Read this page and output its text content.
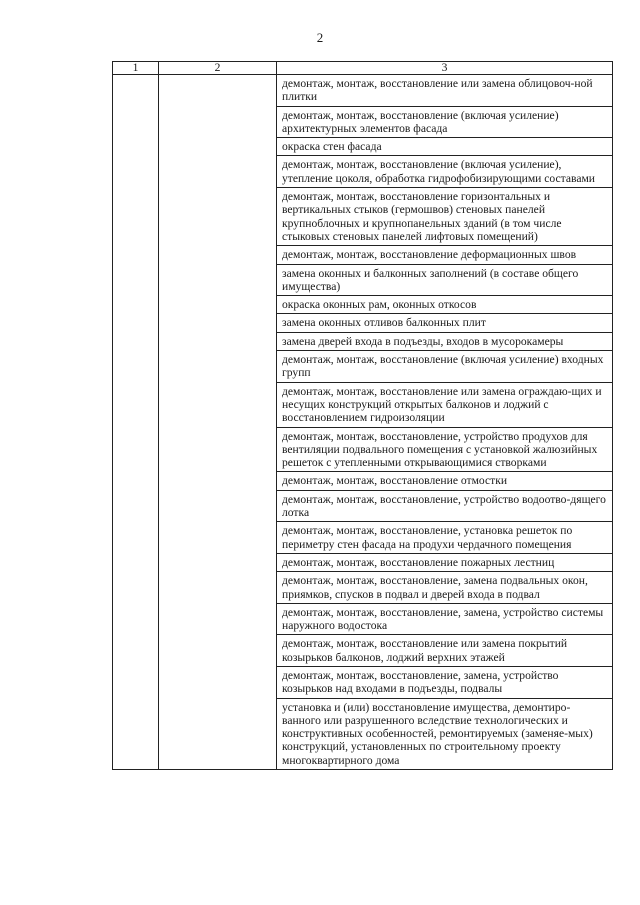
2
1	2	3
		демонтаж, монтаж, восстановление или замена облицовоч-ной плитки
		демонтаж, монтаж, восстановление (включая усиление) архитектурных элементов фасада
		окраска стен фасада
		демонтаж, монтаж, восстановление (включая усиление), утепление цоколя, обработка гидрофобизирующими составами
		демонтаж, монтаж, восстановление горизонтальных и вертикальных стыков (гермошвов) стеновых панелей крупноблочных и крупнопанельных зданий (в том числе стыковых стеновых панелей лифтовых помещений)
		демонтаж, монтаж, восстановление деформационных швов
		замена оконных и балконных заполнений (в составе общего имущества)
		окраска оконных рам, оконных откосов
		замена оконных отливов балконных плит
		замена дверей входа в подъезды, входов в мусорокамеры
		демонтаж, монтаж, восстановление (включая усиление) входных групп
		демонтаж, монтаж, восстановление или замена ограждаю-щих и несущих конструкций открытых балконов и лоджий с восстановлением гидроизоляции
		демонтаж, монтаж, восстановление, устройство продухов для вентиляции подвального помещения с установкой жалюзийных решеток с утепленными открывающимися створками
		демонтаж, монтаж, восстановление отмостки
		демонтаж, монтаж, восстановление, устройство водоотво-дящего лотка
		демонтаж, монтаж, восстановление, установка решеток по периметру стен фасада на продухи чердачного помещения
		демонтаж, монтаж, восстановление пожарных лестниц
		демонтаж, монтаж, восстановление, замена подвальных окон, приямков, спусков в подвал и дверей входа в подвал
		демонтаж, монтаж, восстановление, замена, устройство системы наружного водостока
		демонтаж, монтаж, восстановление или замена покрытий козырьков балконов, лоджий верхних этажей
		демонтаж, монтаж, восстановление, замена, устройство козырьков над входами в подъезды, подвалы
		установка и (или) восстановление имущества, демонтиро-ванного или разрушенного вследствие технологических и конструктивных особенностей, ремонтируемых (заменяе-мых) конструкций, установленных по строительному проекту многоквартирного дома
